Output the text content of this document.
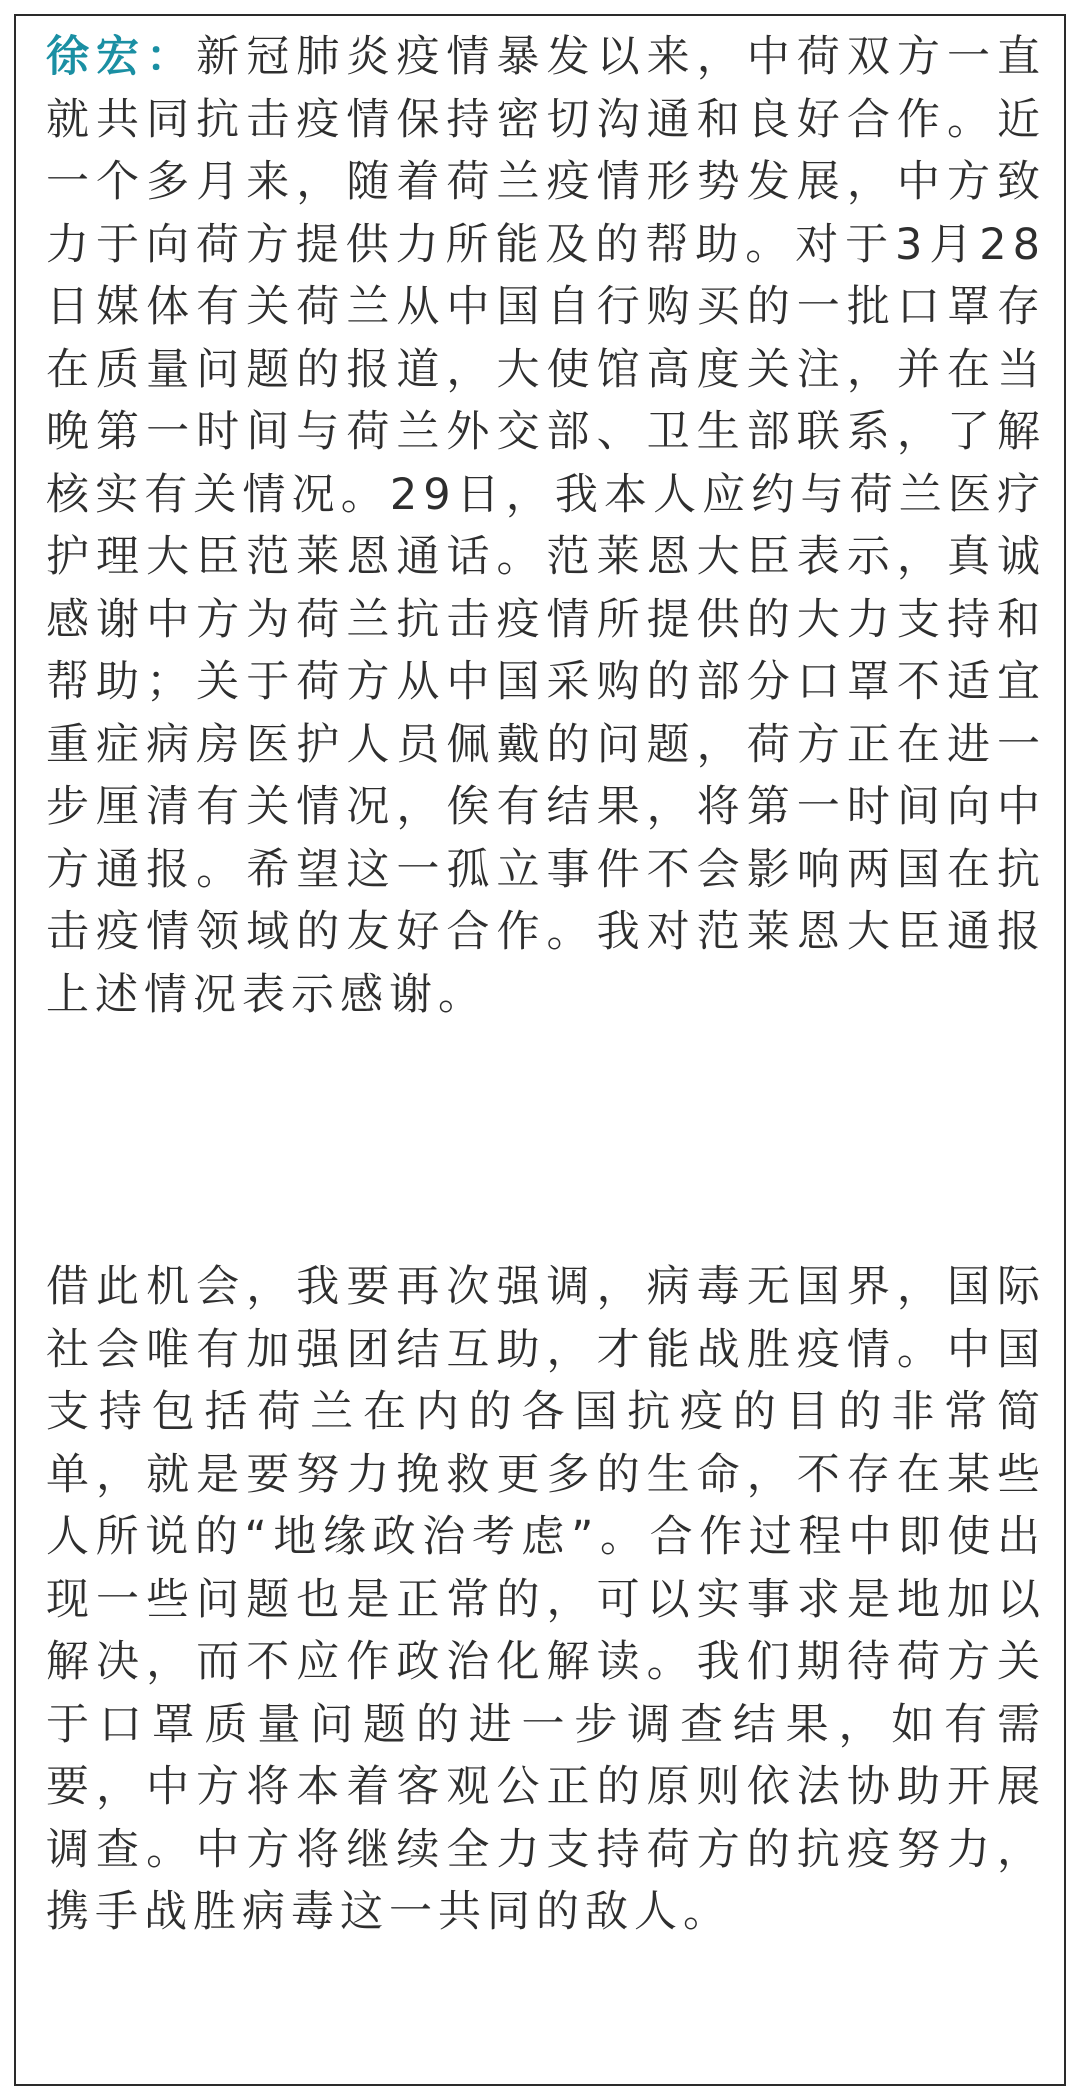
徐宏：新冠肺炎疫情暴发以来，中荷双方一直就共同抗击疫情保持密切沟通和良好合作。近一个多月来，随着荷兰疫情形势发展，中方致力于向荷方提供力所能及的帮助。对于3月28日媒体有关荷兰从中国自行购买的一批口罩存在质量问题的报道，大使馆高度关注，并在当晚第一时间与荷兰外交部、卫生部联系，了解核实有关情况。29日，我本人应约与荷兰医疗护理大臣范莱恩通话。范莱恩大臣表示，真诚感谢中方为荷兰抗击疫情所提供的大力支持和帮助；关于荷方从中国采购的部分口罩不适宜重症病房医护人员佩戴的问题，荷方正在进一步厘清有关情况，俟有结果，将第一时间向中方通报。希望这一孤立事件不会影响两国在抗击疫情领域的友好合作。我对范莱恩大臣通报上述情况表示感谢。
借此机会，我要再次强调，病毒无国界，国际社会唯有加强团结互助，才能战胜疫情。中国支持包括荷兰在内的各国抗疫的目的非常简单，就是要努力挽救更多的生命，不存在某些人所说的“地缘政治考虑”。合作过程中即使出现一些问题也是正常的，可以实事求是地加以解决，而不应作政治化解读。我们期待荷方关于口罩质量问题的进一步调查结果，如有需要，中方将本着客观公正的原则依法协助开展调查。中方将继续全力支持荷方的抗疫努力，携手战胜病毒这一共同的敌人。
